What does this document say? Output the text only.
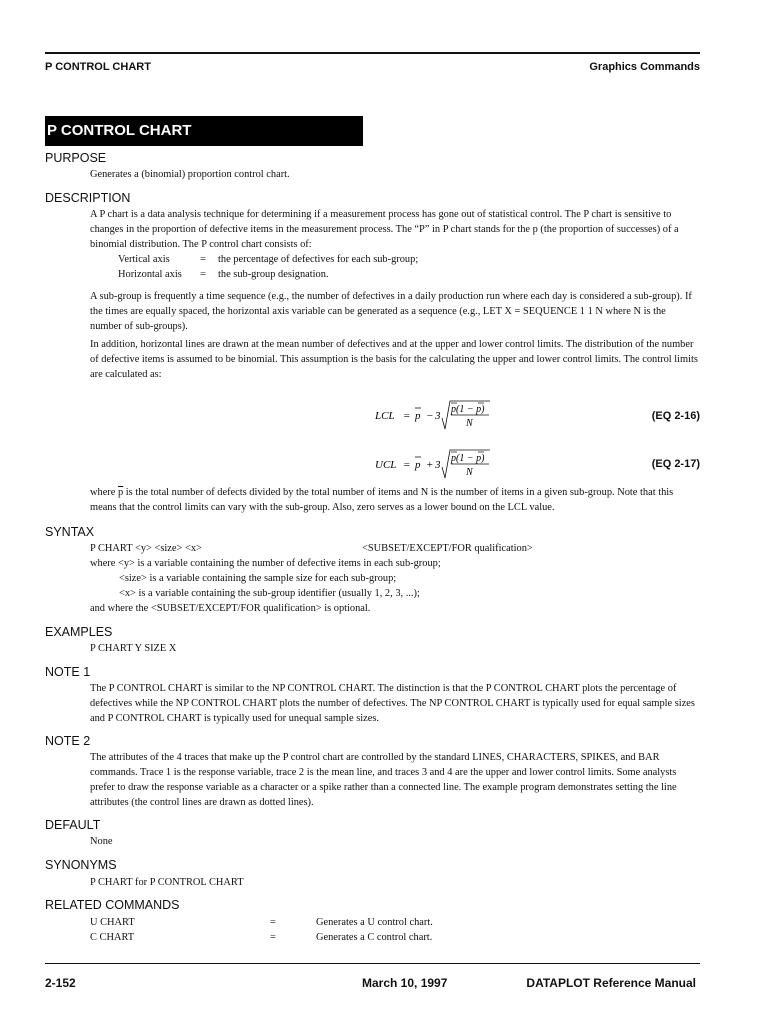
P CONTROL CHART	Graphics Commands
P CONTROL CHART
PURPOSE

Generates a (binomial) proportion control chart.

DESCRIPTION

A P chart is a data analysis technique for determining if a measurement process has gone out of statistical control. The P chart is sensitive to changes in the proportion of defective items in the measurement process. The “P” in P chart stands for the p (the proportion of successes) of a binomial distribution. The P control chart consists of:

Vertical axis	= the percentage of defectives for each sub-group;
Horizontal axis = the sub-group designation.

A sub-group is frequently a time sequence (e.g., the number of defectives in a daily production run where each day is considered a sub-group). If the times are equally spaced, the horizontal axis variable can be generated as a sequence (e.g., LET X = SEQUENCE 1 1 N where N is the number of sub-groups).

In addition, horizontal lines are drawn at the mean number of defectives and at the upper and lower control limits. The distribution of the number of defective items is assumed to be binomial. This assumption is the basis for the calculating the upper and lower control limits. The control limits are calculated as:

LCL = p − 3
p(1 − p)
N
(EQ 2-16)
UCL = p + 3
p(1 − p)
N
(EQ 2-17)

where $\overline{p}$ is the total number of defects divided by the total number of items and N is the number of items in a given sub-group. Note that this means that the control limits can vary with the sub-group. Also, zero serves as a lower bound on the LCL value.

SYNTAX
P CHART <y> <size> <x>	<SUBSET/EXCEPT/FOR qualification>

where <y> is a variable containing the number of defective items in each sub-group;

<size> is a variable containing the sample size for each sub-group;

<x> is a variable containing the sub-group identifier (usually 1, 2, 3, ...);

and where the <SUBSET/EXCEPT/FOR qualification> is optional.

EXAMPLES

P CHART Y SIZE X

NOTE 1

The P CONTROL CHART is similar to the NP CONTROL CHART. The distinction is that the P CONTROL CHART plots the percentage of defectives while the NP CONTROL CHART plots the number of defectives. The NP CONTROL CHART is typically used for equal sample sizes and P CONTROL CHART is typically used for unequal sample sizes.

NOTE 2

The attributes of the 4 traces that make up the P control chart are controlled by the standard LINES, CHARACTERS, SPIKES, and BAR commands. Trace 1 is the response variable, trace 2 is the mean line, and traces 3 and 4 are the upper and lower control limits. Some analysts prefer to draw the response variable as a character or a spike rather than a connected line. The example program demonstrates setting the line attributes (the control lines are drawn as dotted lines).

DEFAULT

None

SYNONYMS

P CHART for P CONTROL CHART

RELATED COMMANDS
U CHART	=	Generates a U control chart.
C CHART	=	Generates a C control chart.
2-152	March 10, 1997	DATAPLOT Reference Manual
